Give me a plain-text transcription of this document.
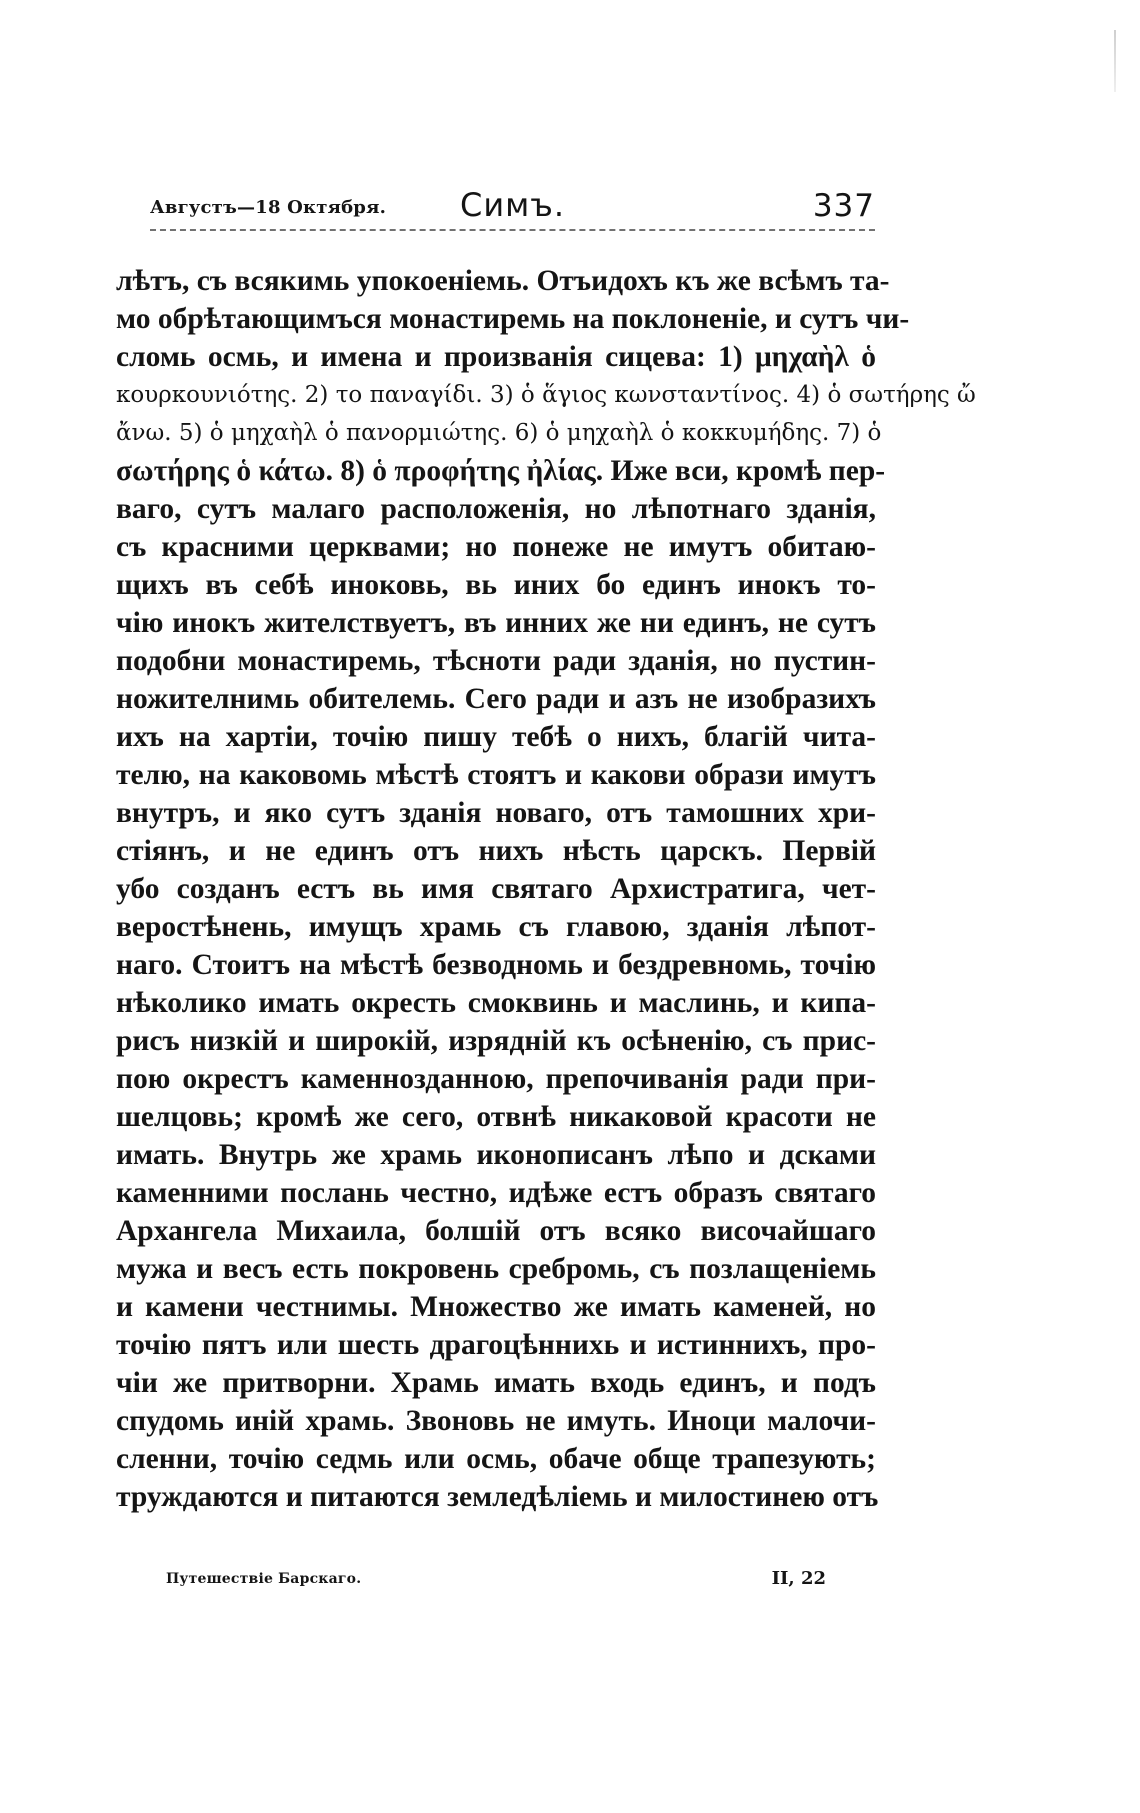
Августъ—18 Октября.	Симъ.	337
лѣтъ, съ всякимь упокоеніемь. Отъидохъ къ же всѣмъ та-
мо обрѣтающимъся монастиремь на поклоненіе, и сутъ чи-
сломь осмь, и имена и произванія сицева: 1) μηχαὴλ ὁ
κουρκουνιότης. 2) το παναγίδι. 3) ὁ ἅγιος κωνσταντίνος. 4) ὁ σωτήρης ὤ
ἄνω. 5) ὁ μηχαὴλ ὁ πανορμιώτης. 6) ὁ μηχαὴλ ὁ κοκκυμήδης. 7) ὁ
σωτήρης ὁ κάτω. 8) ὁ προφήτης ἠλίας. Иже вси, кромѣ пер-
ваго, сутъ малаго расположенія, но лѣпотнаго зданія,
съ красними церквами; но понеже не имутъ обитаю-
щихъ въ себѣ иноковь, вь иних бо единъ инокъ то-
чію инокъ жителствуетъ, въ инних же ни единъ, не сутъ
подобни монастиремь, тѣсноти ради зданія, но пустин-
ножителнимь обителемь. Сего ради и азъ не изобразихъ
ихъ на хартіи, точію пишу тебѣ о нихъ, благій чита-
телю, на каковомь мѣстѣ стоятъ и какови образи имутъ
внутръ, и яко сутъ зданія новаго, отъ тамошних хри-
стіянъ, и не единъ отъ нихъ нѣсть царскъ. Первій
убо созданъ естъ вь имя святаго Архистратига, чет-
веростѣнень, имущъ храмь съ главою, зданія лѣпот-
наго. Стоитъ на мѣстѣ безводномь и бездревномь, точію
нѣколико имать окресть смоквинь и маслинь, и кипа-
рисъ низкій и широкій, изрядній къ осѣненію, съ прис-
пою окрестъ каменнозданною, препочиванія ради при-
шелцовь; кромѣ же сего, отвнѣ никаковой красоти не
имать. Внутрь же храмь иконописанъ лѣпо и дсками
каменними послань честно, идѣже естъ образъ святаго
Архангела Михаила, болшій отъ всяко височайшаго
мужа и весъ есть покровень сребромь, съ позлащеніемь
и камени честнимы. Множество же имать каменей, но
точію пятъ или шесть драгоцѣннихь и истиннихъ, про-
чіи же притворни. Храмь имать входь единъ, и подъ
спудомь иній храмь. Звоновь не имуть. Иноци малочи-
сленни, точію седмь или осмь, обаче обще трапезують;
труждаются и питаются земледѣліемь и милостинею отъ
Путешествіе Барскаго.	II, 22
